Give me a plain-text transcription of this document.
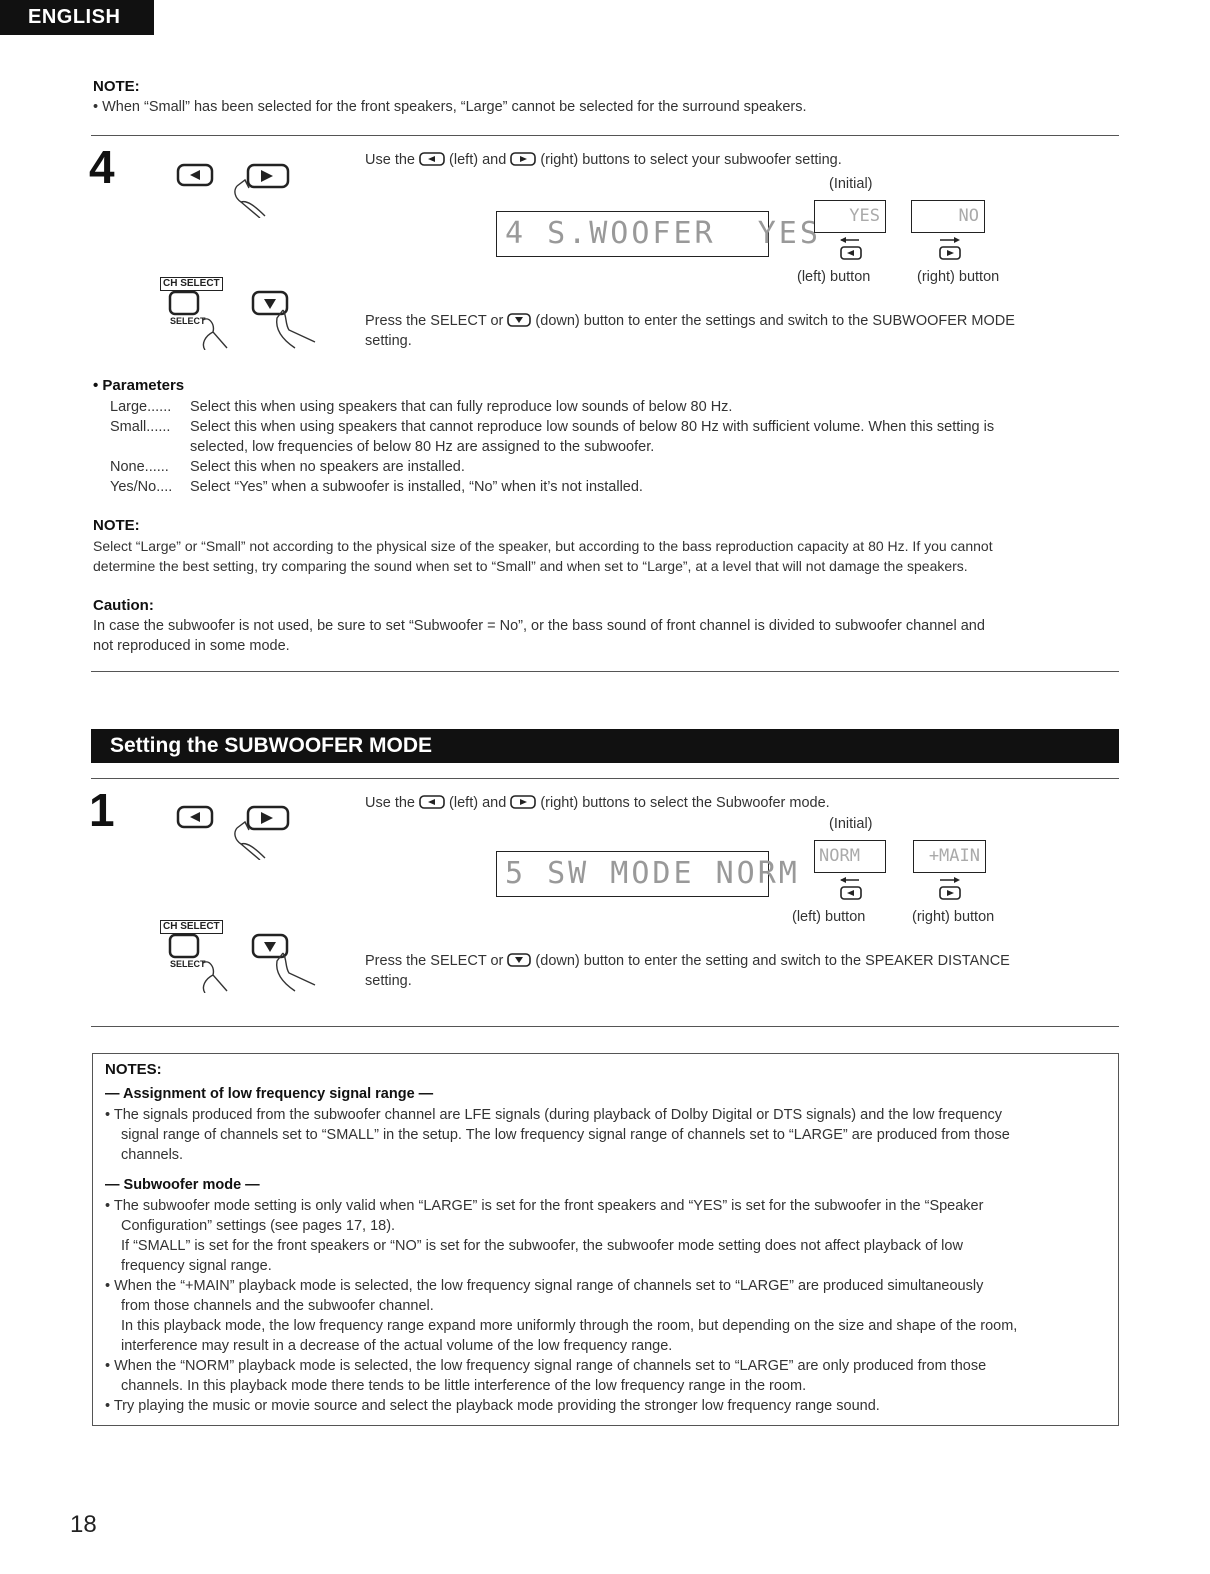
ENGLISH
NOTE:
• When “Small” has been selected for the front speakers, “Large” cannot be selected for the surround speakers.
4
CH SELECT
SELECT
Use the (left) and (right) buttons to select your subwoofer setting.
(Initial)
4 S.WOOFER  YES	YES	NO
(left) button	(right) button
Press the SELECT or (down) button to enter the settings and switch to the SUBWOOFER MODE
setting.
• Parameters
Large...... Select this when using speakers that can fully reproduce low sounds of below 80 Hz.
Small...... Select this when using speakers that cannot reproduce low sounds of below 80 Hz with sufficient volume. When this setting is
selected, low frequencies of below 80 Hz are assigned to the subwoofer.
None...... Select this when no speakers are installed.
Yes/No.... Select “Yes” when a subwoofer is installed, “No” when it’s not installed.
NOTE:
Select “Large” or “Small” not according to the physical size of the speaker, but according to the bass reproduction capacity at 80 Hz. If you cannot
determine the best setting, try comparing the sound when set to “Small” and when set to “Large”, at a level that will not damage the speakers.
Caution:
In case the subwoofer is not used, be sure to set “Subwoofer = No”, or the bass sound of front channel is divided to subwoofer channel and
not reproduced in some mode.
Setting the SUBWOOFER MODE
1
CH SELECT
SELECT
Use the (left) and (right) buttons to select the Subwoofer mode.
(Initial)
5 SW MODE NORM NORM	+MAIN
(left) button	(right) button
Press the SELECT or (down) button to enter the setting and switch to the SPEAKER DISTANCE
setting.
NOTES:
— Assignment of low frequency signal range —
• The signals produced from the subwoofer channel are LFE signals (during playback of Dolby Digital or DTS signals) and the low frequency
signal range of channels set to “SMALL” in the setup. The low frequency signal range of channels set to “LARGE” are produced from those
channels.
— Subwoofer mode —
• The subwoofer mode setting is only valid when “LARGE” is set for the front speakers and “YES” is set for the subwoofer in the “Speaker
Configuration” settings (see pages 17, 18).
If “SMALL” is set for the front speakers or “NO” is set for the subwoofer, the subwoofer mode setting does not affect playback of low
frequency signal range.
• When the “+MAIN” playback mode is selected, the low frequency signal range of channels set to “LARGE” are produced simultaneously
from those channels and the subwoofer channel.
In this playback mode, the low frequency range expand more uniformly through the room, but depending on the size and shape of the room,
interference may result in a decrease of the actual volume of the low frequency range.
• When the “NORM” playback mode is selected, the low frequency signal range of channels set to “LARGE” are only produced from those
channels. In this playback mode there tends to be little interference of the low frequency range in the room.
• Try playing the music or movie source and select the playback mode providing the stronger low frequency range sound.
18
